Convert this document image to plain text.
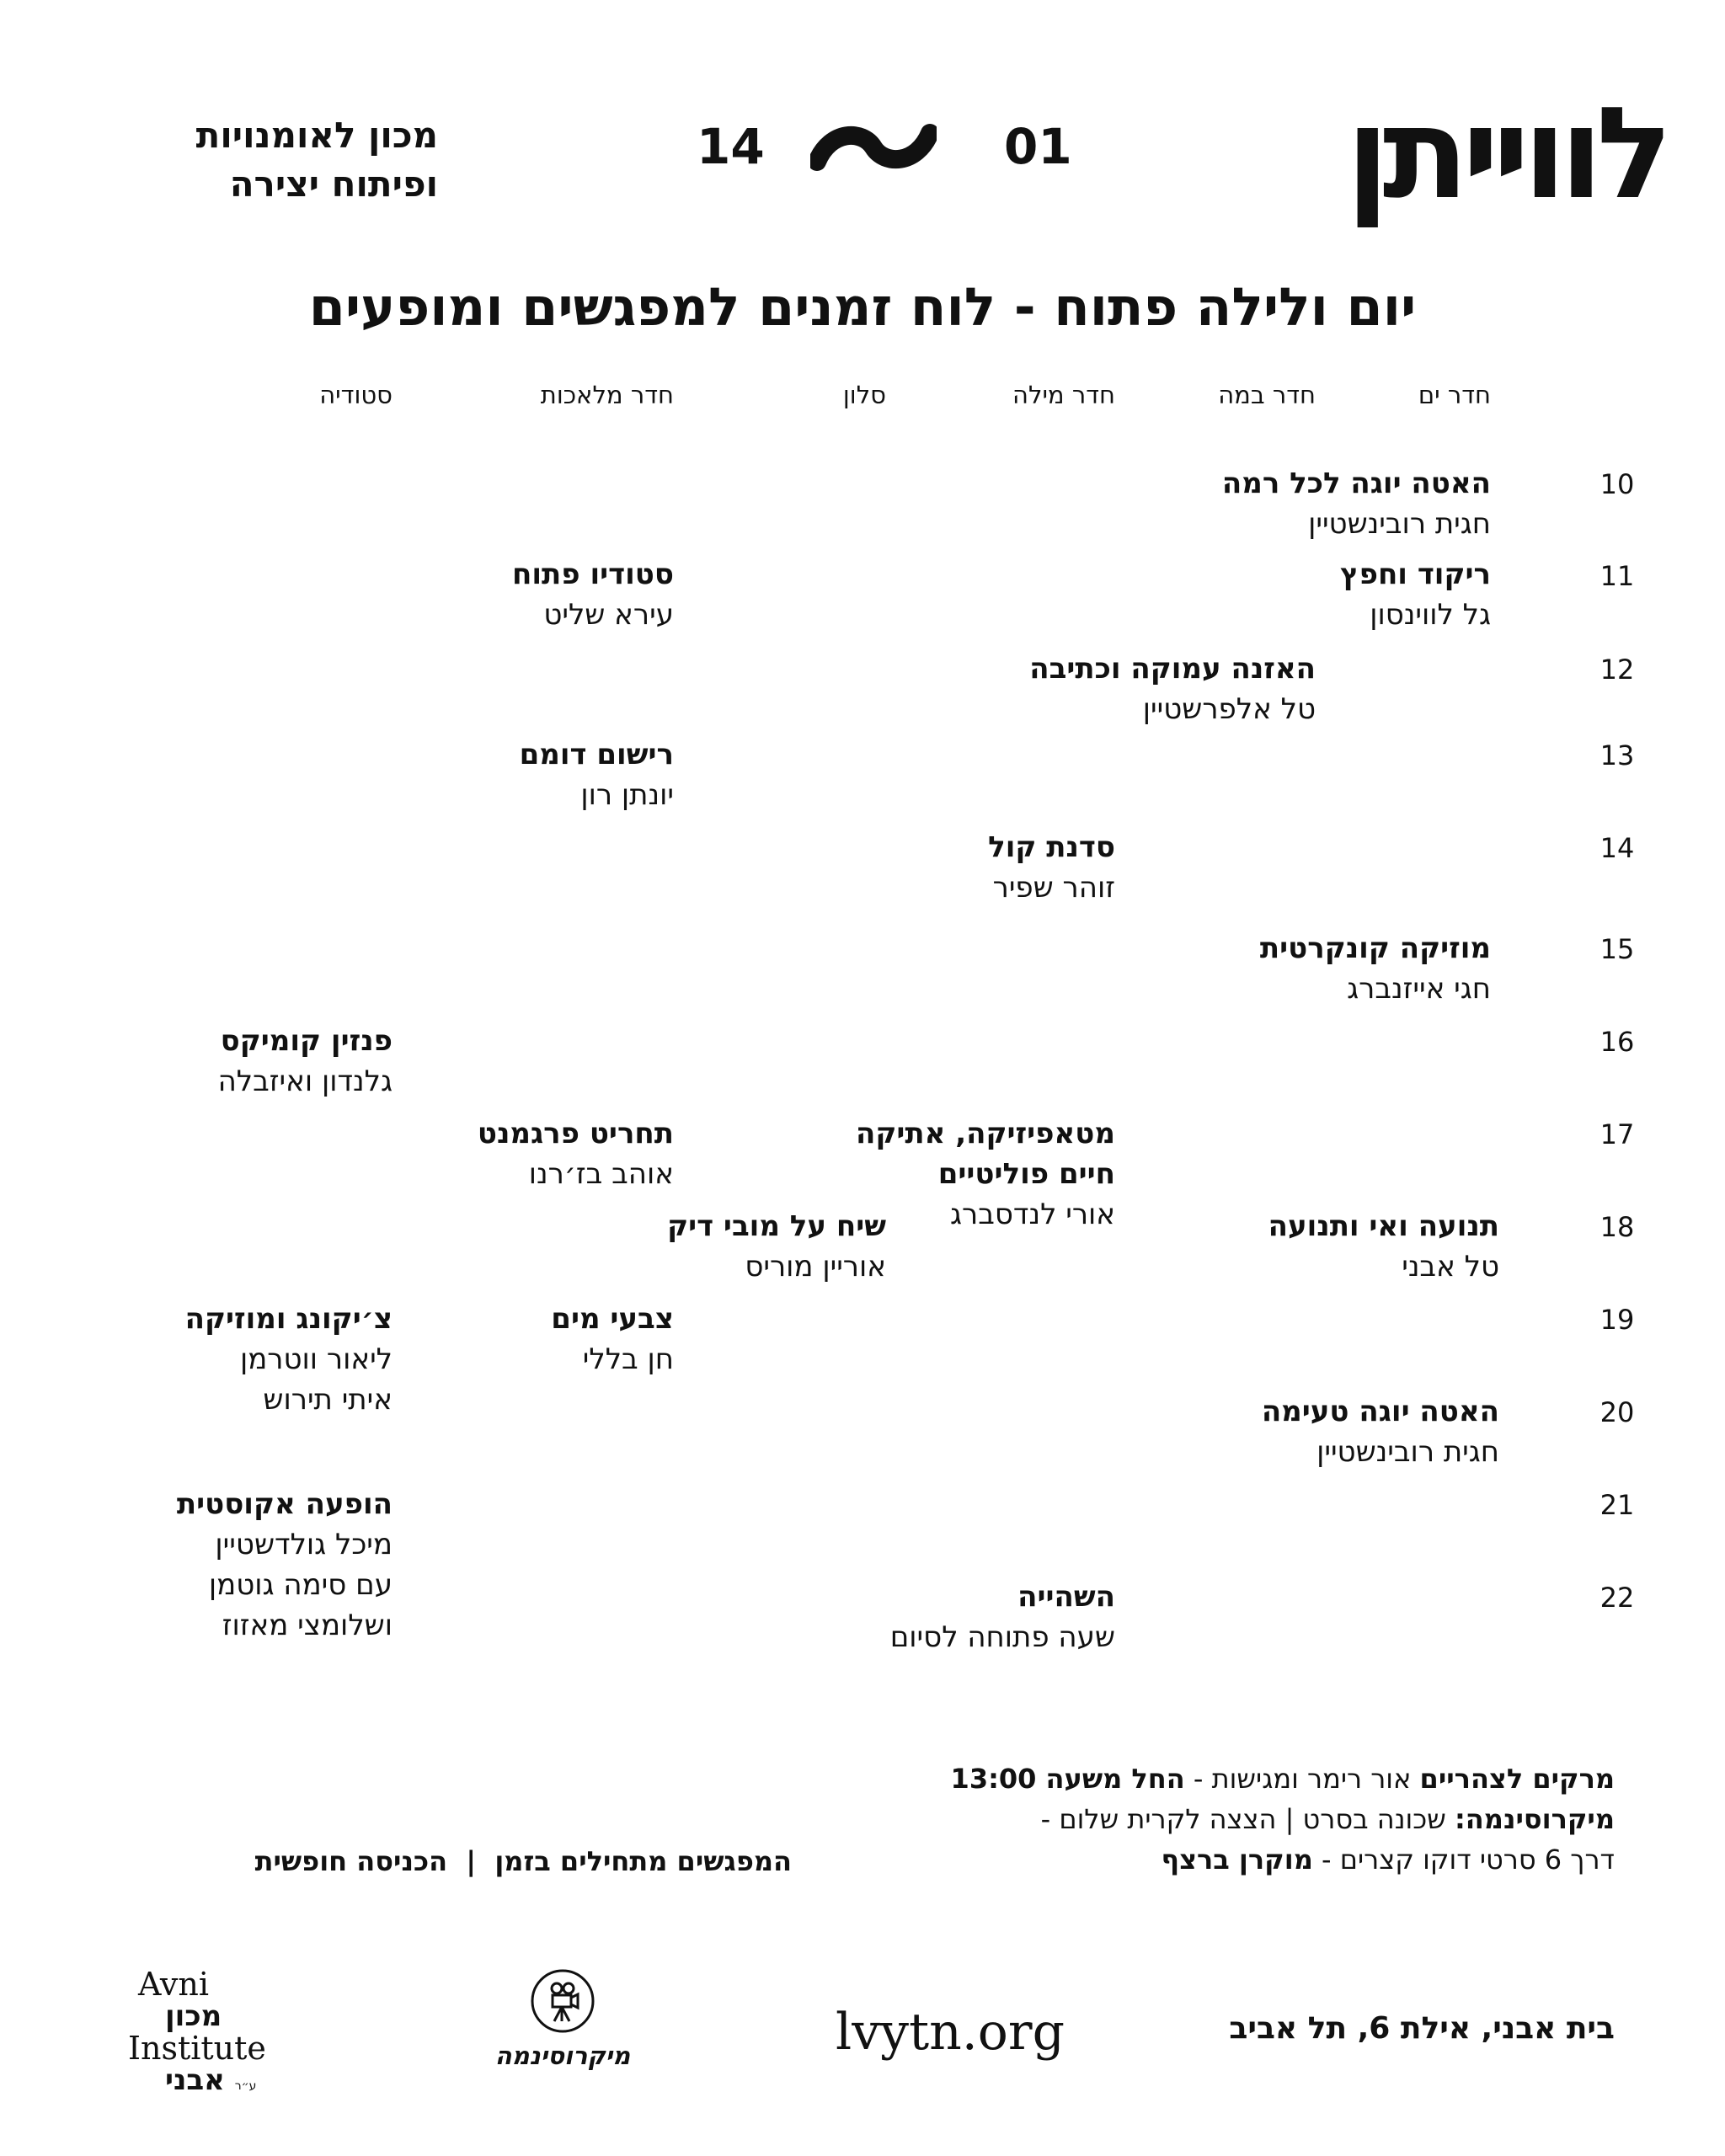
מכון לאומנויות
ופיתוח יצירה
14	01 לווייתן
יום ולילה פתוח - לוח זמנים למפגשים ומופעים
חדר ים
חדר במה
חדר מילה
סלון
חדר מלאכות
סטודיה
10
11
12
13
14
15
16
17
18
19
20
21
22
האטה יוגה לכל רמה
חגית רובינשטיין
ריקוד וחפץ
גל לווינסון
סטודיו פתוח
עירא שליט
האזנה עמוקה וכתיבה
טל אלפרשטיין
רישום דומם
יונתן רון
סדנת קול
זוהר שפיר
מוזיקה קונקרטית
חגי אייזנברג
פנזין קומיקס
גלנדון ואיזבלה
מטאפיזיקה, אתיקה
חיים פוליטיים
אורי לנדסברג
תחריט פרגמנט
אוהב בז׳רנו
תנועה ואי ותנועה
טל אבני
שיח על מובי דיק
אוריין מוריס
צבעי מים
חן בללי
צ׳יקונג ומוזיקה
ליאור ווטרמן
איתי תירוש	האטה יוגה טעימה
חגית רובינשטיין
הופעה אקוסטית
מיכל גולדשטיין
עם סימה גוטמן
ושלומצי מאזוז
השהייה
שעה פתוחה לסיום
מרקים לצהריים אור רימר ומגישות - החל משעה 13:00
מיקרוסינמה: שכונה בסרט | הצצה לקרית שלום -
דרך 6 סרטי דוקו קצרים - מוקרן ברצף
המפגשים מתחילים בזמן  |  הכניסה חופשית
בית אבני, אילת 6, תל אביב
lvytn.org
מיקרוסינמה
Avni
מכון
Institute
ע״ר אבני
